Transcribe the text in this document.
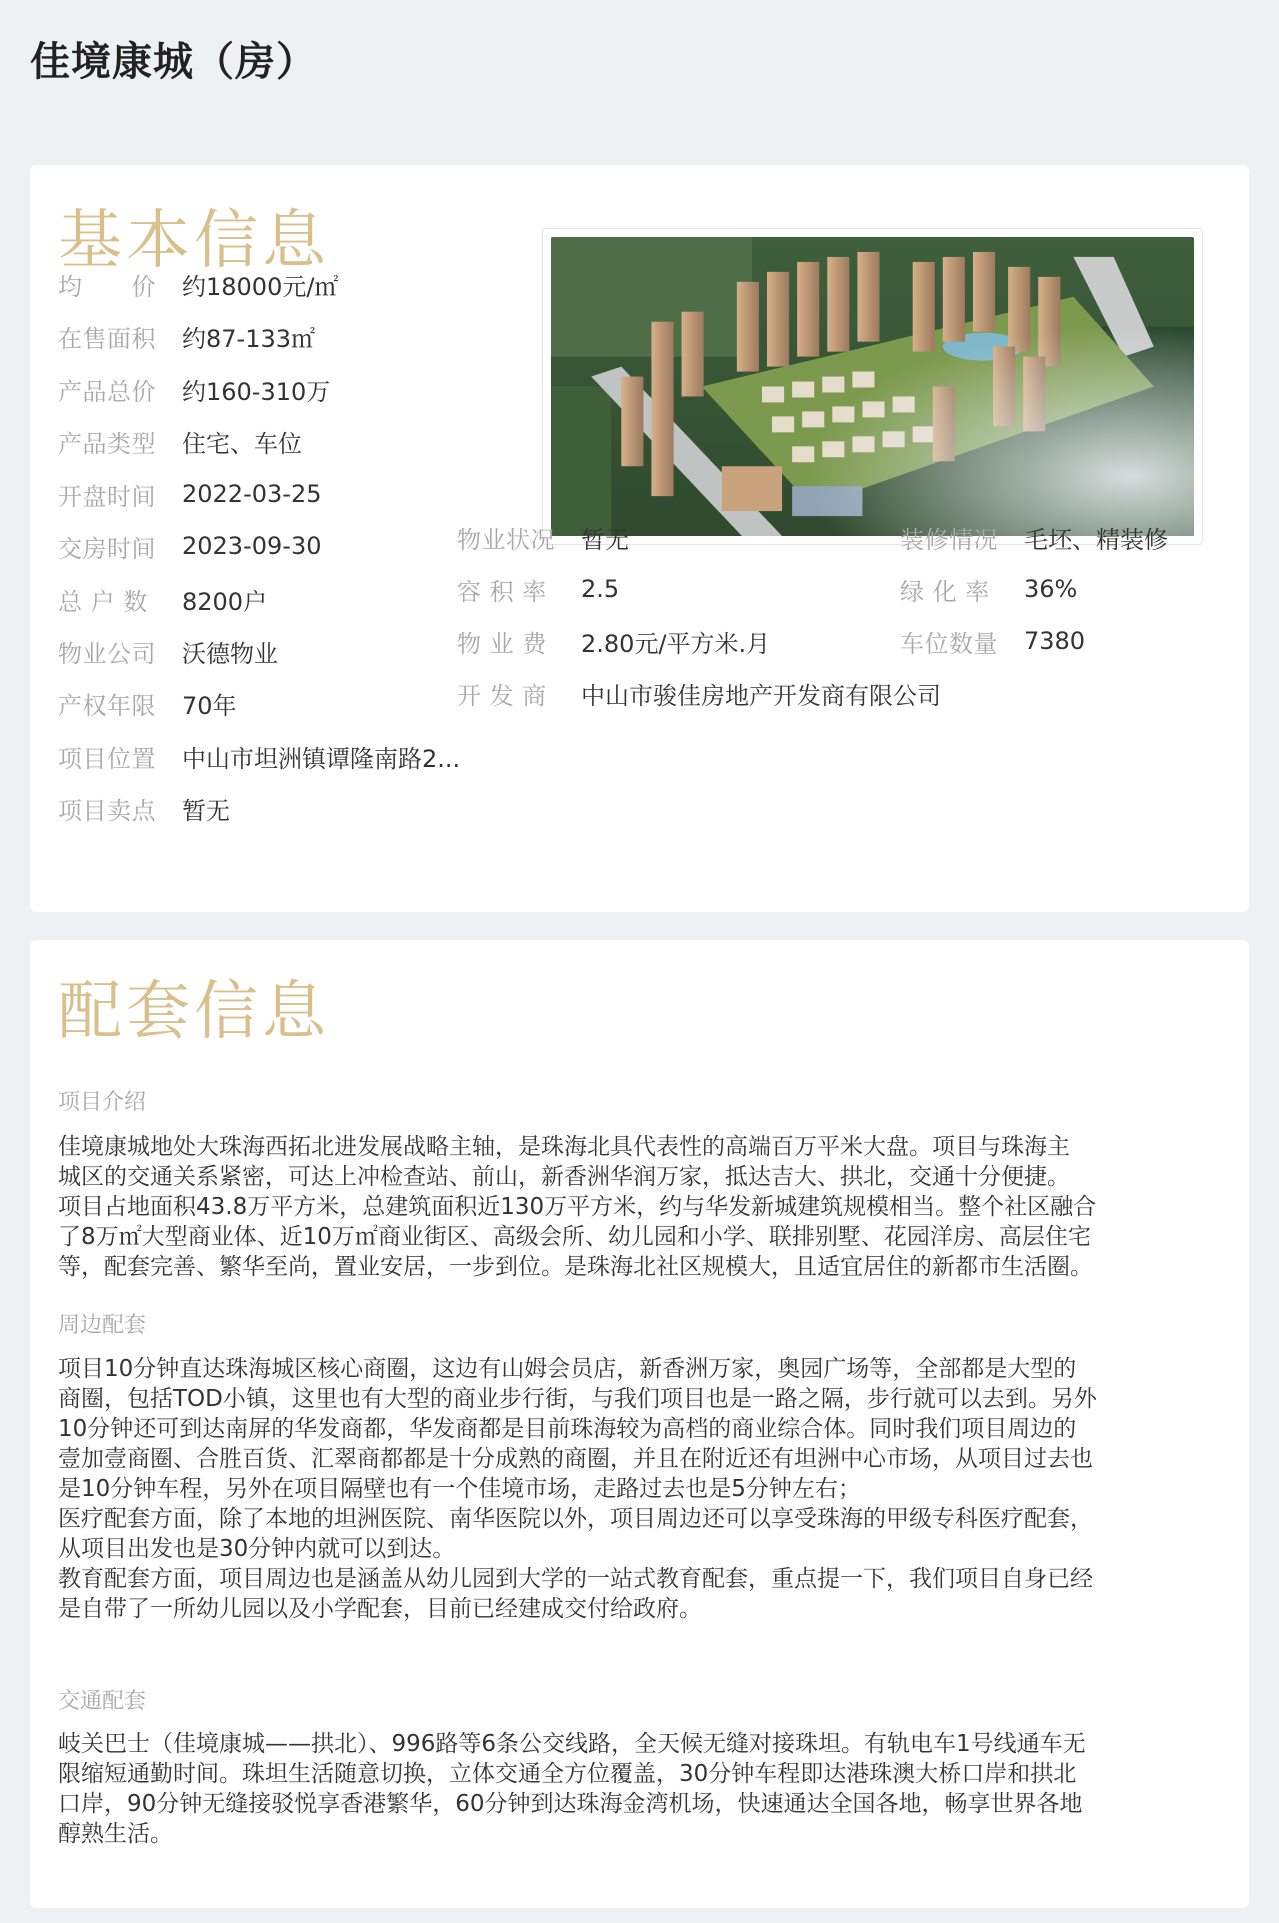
佳境康城（房）
基本信息
均　　价	约18000元/㎡
在售面积	约87-133㎡
产品总价	约160-310万
产品类型	住宅、车位
开盘时间	2022-03-25
交房时间	2023-09-30
总 户 数	8200户
物业公司	沃德物业
产权年限	70年
项目位置	中山市坦洲镇谭隆南路2...
项目卖点	暂无
物业状况	暂无
容 积 率	2.5
物 业 费	2.80元/平方米.月
开 发 商	中山市骏佳房地产开发商有限公司
装修情况	毛坯、精装修
绿 化 率	36%
车位数量	7380
配套信息
项目介绍
佳境康城地处大珠海西拓北进发展战略主轴，是珠海北具代表性的高端百万平米大盘。项目与珠海主
城区的交通关系紧密，可达上冲检查站、前山，新香洲华润万家，抵达吉大、拱北，交通十分便捷。
项目占地面积43.8万平方米，总建筑面积近130万平方米，约与华发新城建筑规模相当。整个社区融合
了8万㎡大型商业体、近10万㎡商业街区、高级会所、幼儿园和小学、联排别墅、花园洋房、高层住宅
等，配套完善、繁华至尚，置业安居，一步到位。是珠海北社区规模大，且适宜居住的新都市生活圈。
周边配套
项目10分钟直达珠海城区核心商圈，这边有山姆会员店，新香洲万家，奥园广场等，全部都是大型的
商圈，包括TOD小镇，这里也有大型的商业步行街，与我们项目也是一路之隔，步行就可以去到。另外
10分钟还可到达南屏的华发商都，华发商都是目前珠海较为高档的商业综合体。同时我们项目周边的
壹加壹商圈、合胜百货、汇翠商都都是十分成熟的商圈，并且在附近还有坦洲中心市场，从项目过去也
是10分钟车程，另外在项目隔壁也有一个佳境市场，走路过去也是5分钟左右；
医疗配套方面，除了本地的坦洲医院、南华医院以外，项目周边还可以享受珠海的甲级专科医疗配套，
从项目出发也是30分钟内就可以到达。
教育配套方面，项目周边也是涵盖从幼儿园到大学的一站式教育配套，重点提一下，我们项目自身已经
是自带了一所幼儿园以及小学配套，目前已经建成交付给政府。
交通配套
岐关巴士（佳境康城——拱北）、996路等6条公交线路，全天候无缝对接珠坦。有轨电车1号线通车无
限缩短通勤时间。珠坦生活随意切换，立体交通全方位覆盖，30分钟车程即达港珠澳大桥口岸和拱北
口岸，90分钟无缝接驳悦享香港繁华，60分钟到达珠海金湾机场，快速通达全国各地，畅享世界各地
醇熟生活。
